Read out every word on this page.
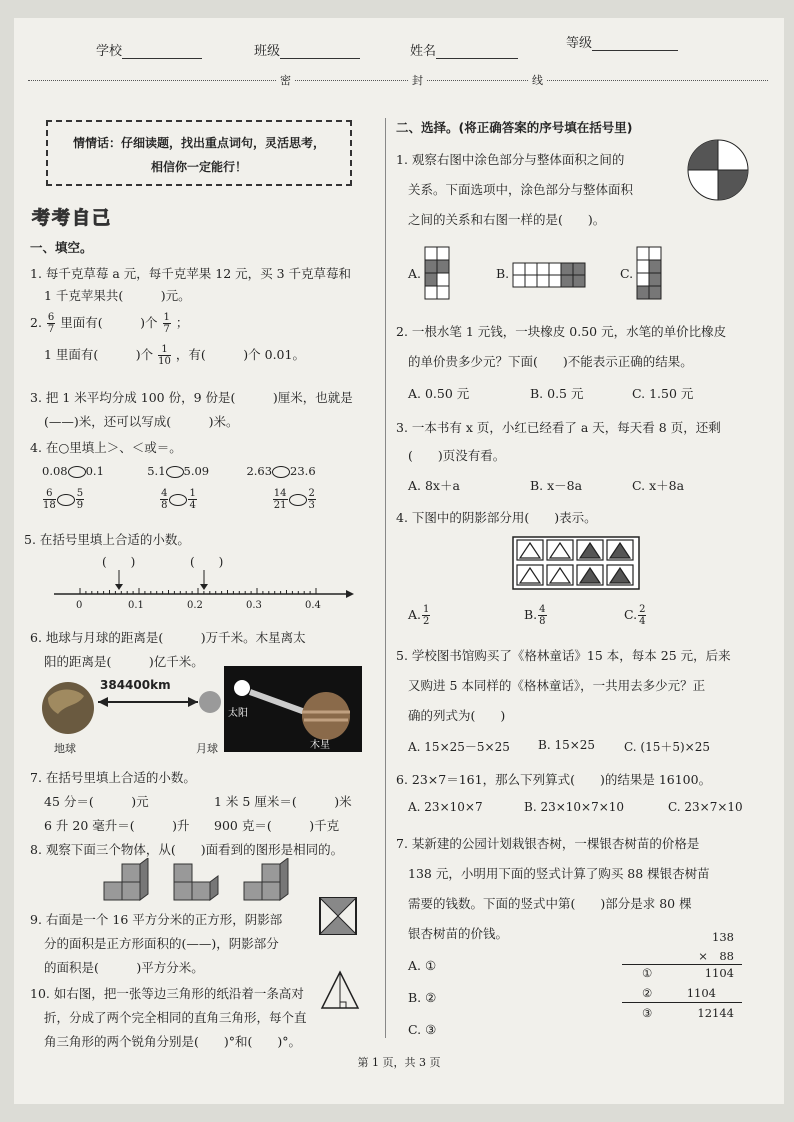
学校	班级	姓名
等级
密	封	线
情情话：仔细读题，找出重点词句，灵活思考，
相信你一定能行！
考考自己
一、填空。
1. 每千克草莓 a 元，每千克苹果 12 元，买 3 千克草莓和
1 千克苹果共(　　　)元。
2. $\frac{6}{7}$ 里面有(　　　)个 $\frac{1}{7}$ ；
1 里面有(　　　)个 $\frac{1}{10}$ ，有(　　　)个 0.01。
3. 把 1 米平均分成 100 份，9 份是(　　　)厘米，也就是
(——)米，还可以写成(　　　)米。
4. 在○里填上＞、＜或＝。
0.08 0.1	5.1 5.09	2.63 23.6
$\frac{6}{18} \frac{5}{9}$
	$\frac{4}{8} \frac{1}{4}$
	$\frac{14}{21} \frac{2}{3}$
5. 在括号里填上合适的小数。
(　　)	(　　)
0	0.1	0.2	0.3	0.4
6. 地球与月球的距离是(　　　)万千米。木星离太
阳的距离是(　　　)亿千米。
384400km
地球	月球
太阳
木星
7. 在括号里填上合适的小数。
45 分＝(　　　)元	1 米 5 厘米＝(　　　)米
6 升 20 毫升＝(　　　)升 900 克＝(　　　)千克
8. 观察下面三个物体，从(　　)面看到的图形是相同的。
9. 右面是一个 16 平方分米的正方形，阴影部
分的面积是正方形面积的(——)，阴影部分
的面积是(　　　)平方分米。
10. 如右图，把一张等边三角形的纸沿着一条高对
折，分成了两个完全相同的直角三角形，每个直
角三角形的两个锐角分别是(　　)°和(　　)°。
二、选择。(将正确答案的序号填在括号里)
1. 观察右图中涂色部分与整体面积之间的
关系。下面选项中，涂色部分与整体面积
之间的关系和右图一样的是(　　)。
A.	B.	C.
2. 一根水笔 1 元钱，一块橡皮 0.50 元，水笔的单价比橡皮
的单价贵多少元？下面(　　)不能表示正确的结果。
A. 0.50 元	B. 0.5 元	C. 1.50 元
3. 一本书有 x 页，小红已经看了 a 天，每天看 8 页，还剩
(　　)页没有看。
A. 8x＋a	B. x－8a	C. x＋8a
4. 下图中的阴影部分用(　　)表示。
A. $\frac{1}{2}$	B. $\frac{4}{8}$	C. $\frac{2}{4}$
5. 学校图书馆购买了《格林童话》15 本，每本 25 元，后来
又购进 5 本同样的《格林童话》，一共用去多少元？正
确的列式为(　　)
A. 15×25－5×25 B. 15×25 C. (15＋5)×25
6. 23×7＝161，那么下列算式(　　)的结果是 16100。
A. 23×10×7	B. 23×10×7×10	C. 23×7×10
7. 某新建的公园计划栽银杏树，一棵银杏树苗的价格是
138 元，小明用下面的竖式计算了购买 88 棵银杏树苗
需要的钱数。下面的竖式中第(　　)部分是求 80 棵
银杏树苗的价钱。
A. ①
B. ②
C. ③
138
×　88
①	1104
②	1104
③	12144
第 1 页，共 3 页
